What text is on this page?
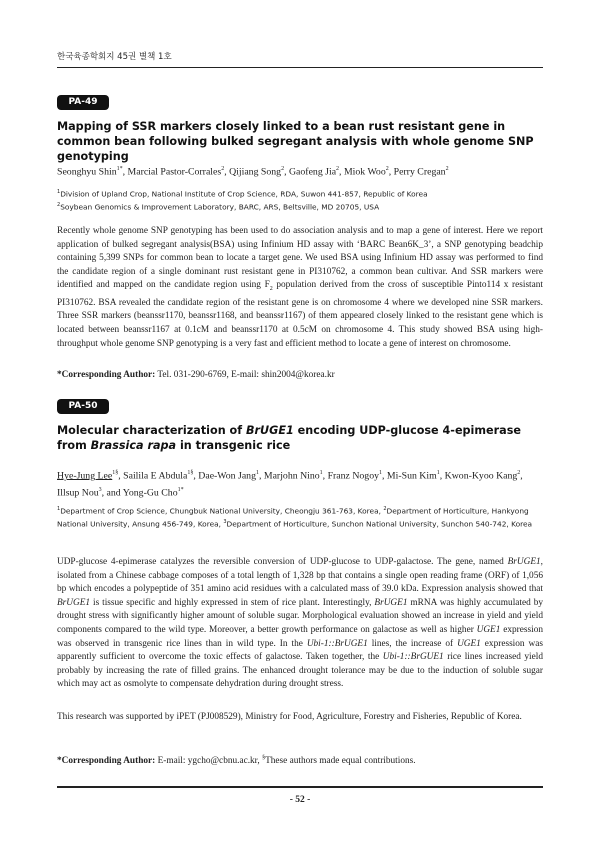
한국육종학회지 45권 별책 1호
PA-49
Mapping of SSR markers closely linked to a bean rust resistant gene in common bean following bulked segregant analysis with whole genome SNP genotyping
Seonghyu Shin$^{1*}$, Marcial Pastor-Corrales$^2$, Qijiang Song$^2$, Gaofeng Jia$^2$, Miok Woo$^2$, Perry Cregan$^2$
$^1$Division of Upland Crop, National Institute of Crop Science, RDA, Suwon 441-857, Republic of Korea
$^2$Soybean Genomics & Improvement Laboratory, BARC, ARS, Beltsville, MD 20705, USA
Recently whole genome SNP genotyping has been used to do association analysis and to map a gene of interest. Here we report application of bulked segregant analysis(BSA) using Infinium HD assay with ‘BARC Bean6K_3’, a SNP genotyping beadchip containing 5,399 SNPs for common bean to locate a target gene. We used BSA using Infinium HD assay was performed to find the candidate region of a single dominant rust resistant gene in PI310762, a common bean cultivar. And SSR markers were identified and mapped on the candidate region using $F_2$ population derived from the cross of susceptible Pinto114 x resistant PI310762. BSA revealed the candidate region of the resistant gene is on chromosome 4 where we developed nine SSR markers. Three SSR markers (beanssr1170, beanssr1168, and beanssr1167) of them appeared closely linked to the resistant gene which is located between beanssr1167 at 0.1cM and beanssr1170 at 0.5cM on chromosome 4. This study showed BSA using high-throughput whole genome SNP genotyping is a very fast and efficient method to locate a gene of interest on chromosome.
*Corresponding Author: Tel. 031-290-6769, E-mail: shin2004@korea.kr
PA-50
Molecular characterization of BrUGE1 encoding UDP-glucose 4-epimerase from Brassica rapa in transgenic rice
Hye-Jung Lee$^{1\S}$, Sailila E Abdula$^{1\S}$, Dae-Won Jang$^1$, Marjohn Nino$^1$, Franz Nogoy$^1$, Mi-Sun Kim$^1$, Kwon-Kyoo Kang$^2$, Illsup Nou$^3$, and Yong-Gu Cho$^{1*}$
$^1$Department of Crop Science, Chungbuk National University, Cheongju 361-763, Korea, $^2$Department of Horticulture, Hankyong National University, Ansung 456-749, Korea, $^3$Department of Horticulture, Sunchon National University, Sunchon 540-742, Korea
UDP-glucose 4-epimerase catalyzes the reversible conversion of UDP-glucose to UDP-galactose. The gene, named BrUGE1, isolated from a Chinese cabbage composes of a total length of 1,328 bp that contains a single open reading frame (ORF) of 1,056 bp which encodes a polypeptide of 351 amino acid residues with a calculated mass of 39.0 kDa. Expression analysis showed that BrUGE1 is tissue specific and highly expressed in stem of rice plant. Interestingly, BrUGE1 mRNA was highly accumulated by drought stress with significantly higher amount of soluble sugar. Morphological evaluation showed an increase in yield and yield components compared to the wild type. Moreover, a better growth performance on galactose as well as higher UGE1 expression was observed in transgenic rice lines than in wild type. In the Ubi-1::BrUGE1 lines, the increase of UGE1 expression was apparently sufficient to overcome the toxic effects of galactose. Taken together, the Ubi-1::BrGUE1 rice lines increased yield probably by increasing the rate of filled grains. The enhanced drought tolerance may be due to the induction of soluble sugar which may act as osmolyte to compensate dehydration during drought stress.
This research was supported by iPET (PJ008529), Ministry for Food, Agriculture, Forestry and Fisheries, Republic of Korea.
*Corresponding Author: E-mail: ygcho@cbnu.ac.kr, §These authors made equal contributions.
- 52 -
